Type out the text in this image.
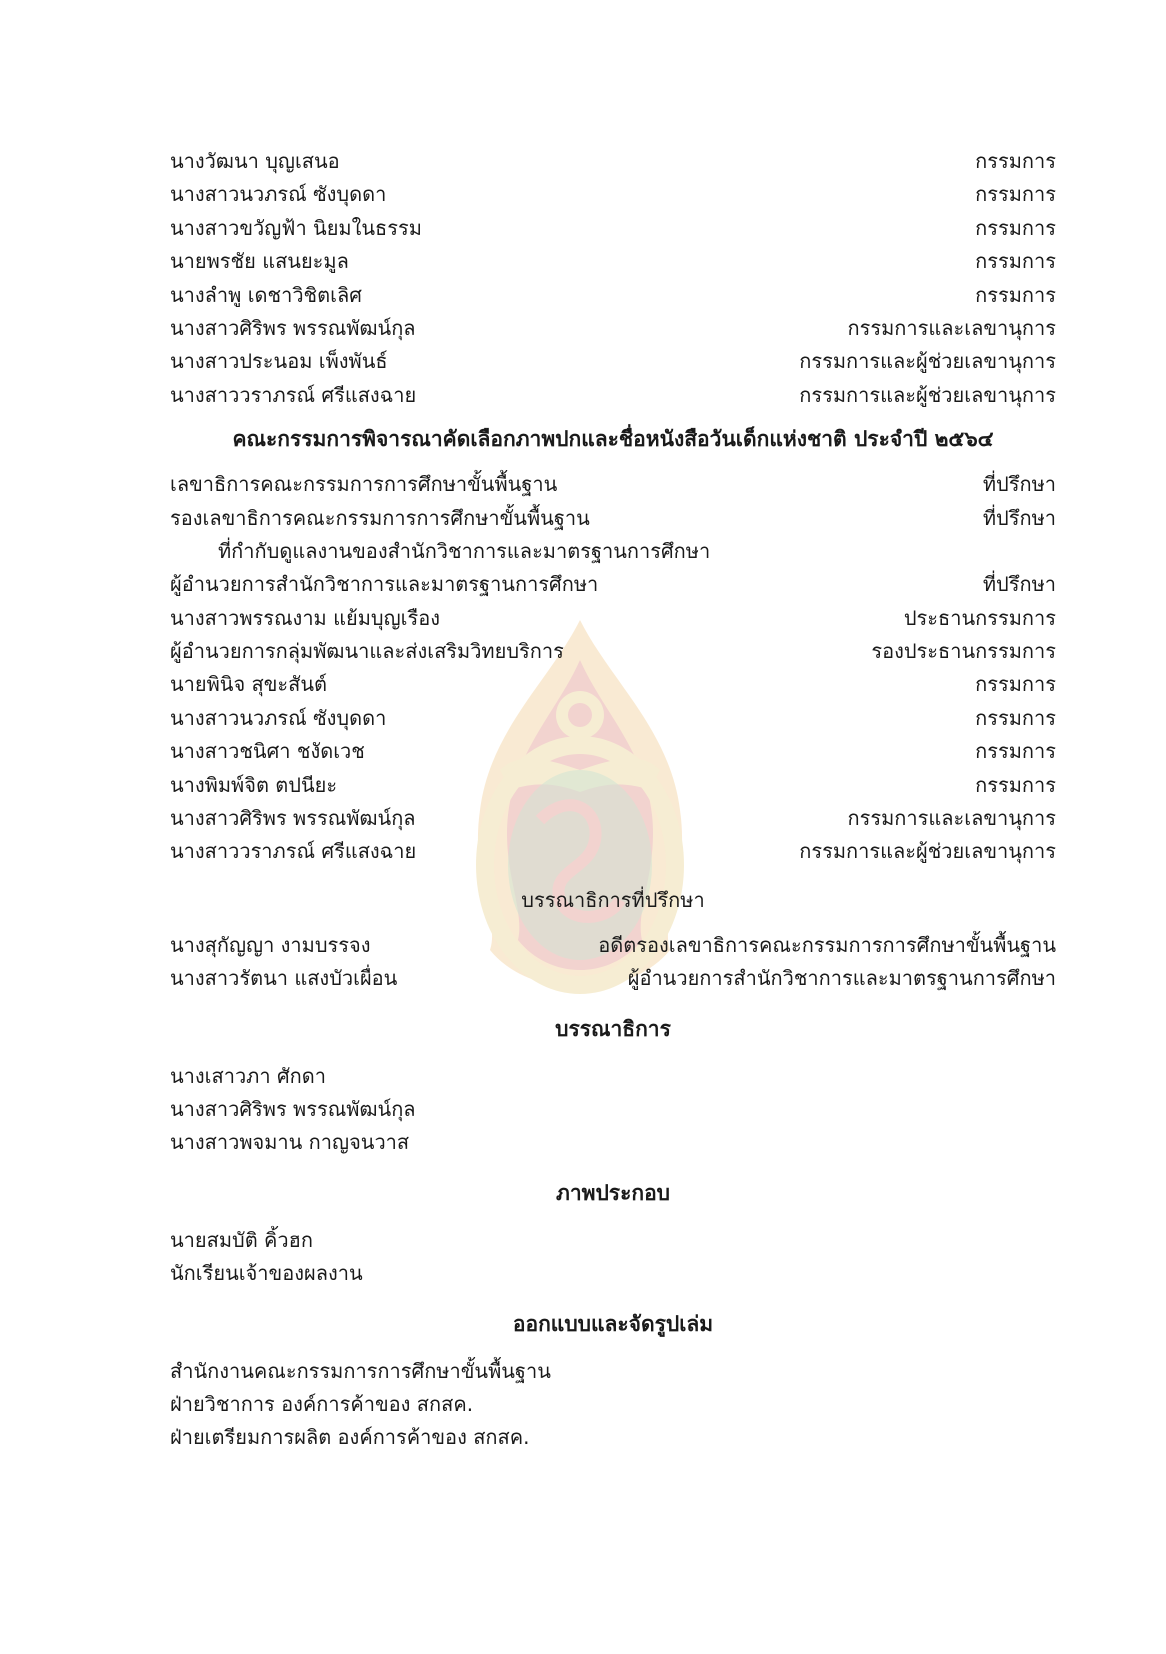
นางวัฒนา บุญเสนอ	กรรมการ
นางสาวนวภรณ์ ซังบุดดา	กรรมการ
นางสาวขวัญฟ้า นิยมในธรรม	กรรมการ
นายพรชัย แสนยะมูล	กรรมการ
นางลำพู เดชาวิชิตเลิศ	กรรมการ
นางสาวศิริพร พรรณพัฒน์กุล	กรรมการและเลขานุการ
นางสาวประนอม เพ็งพันธ์	กรรมการและผู้ช่วยเลขานุการ
นางสาววราภรณ์ ศรีแสงฉาย	กรรมการและผู้ช่วยเลขานุการ
คณะกรรมการพิจารณาคัดเลือกภาพปกและชื่อหนังสือวันเด็กแห่งชาติ ประจำปี ๒๕๖๔
เลขาธิการคณะกรรมการการศึกษาขั้นพื้นฐาน	ที่ปรึกษา
รองเลขาธิการคณะกรรมการการศึกษาขั้นพื้นฐาน	ที่ปรึกษา
ที่กำกับดูแลงานของสำนักวิชาการและมาตรฐานการศึกษา
ผู้อำนวยการสำนักวิชาการและมาตรฐานการศึกษา	ที่ปรึกษา
นางสาวพรรณงาม แย้มบุญเรือง	ประธานกรรมการ
ผู้อำนวยการกลุ่มพัฒนาและส่งเสริมวิทยบริการ	รองประธานกรรมการ
นายพินิจ สุขะสันต์	กรรมการ
นางสาวนวภรณ์ ซังบุดดา	กรรมการ
นางสาวชนิศา ชงัดเวช	กรรมการ
นางพิมพ์จิต ตปนียะ	กรรมการ
นางสาวศิริพร พรรณพัฒน์กุล	กรรมการและเลขานุการ
นางสาววราภรณ์ ศรีแสงฉาย	กรรมการและผู้ช่วยเลขานุการ
บรรณาธิการที่ปรึกษา
นางสุกัญญา งามบรรจง	อดีตรองเลขาธิการคณะกรรมการการศึกษาขั้นพื้นฐาน
นางสาวรัตนา แสงบัวเผื่อน	ผู้อำนวยการสำนักวิชาการและมาตรฐานการศึกษา
บรรณาธิการ
นางเสาวภา ศักดา
นางสาวศิริพร พรรณพัฒน์กุล
นางสาวพจมาน กาญจนวาส
ภาพประกอบ
นายสมบัติ คิ้วฮก
นักเรียนเจ้าของผลงาน
ออกแบบและจัดรูปเล่ม
สำนักงานคณะกรรมการการศึกษาขั้นพื้นฐาน
ฝ่ายวิชาการ องค์การค้าของ สกสค.
ฝ่ายเตรียมการผลิต องค์การค้าของ สกสค.
